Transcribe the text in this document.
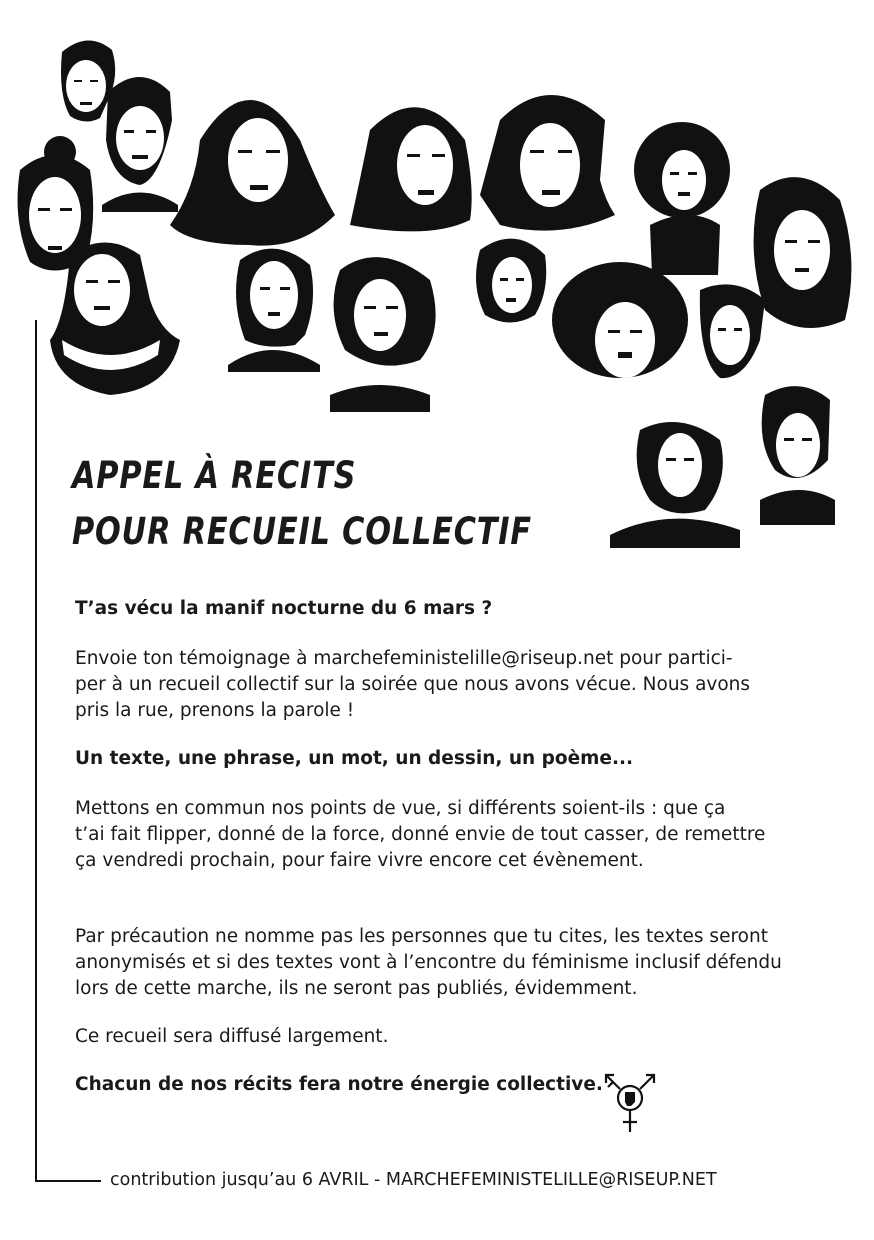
APPEL À RECITS
POUR RECUEIL COLLECTIF

T’as vécu la manif nocturne du 6 mars ?

Envoie ton témoignage à marchefeministelille@riseup.net pour partici-

per à un recueil collectif sur la soirée que nous avons vécue. Nous avons

pris la rue, prenons la parole !

Un texte, une phrase, un mot, un dessin, un poème...

Mettons en commun nos points de vue, si différents soient-ils : que ça

t’ai fait flipper, donné de la force, donné envie de tout casser, de remettre

ça vendredi prochain, pour faire vivre encore cet évènement.

Par précaution ne nomme pas les personnes que tu cites, les textes seront

anonymisés et si des textes vont à l’encontre du féminisme inclusif défendu

lors de cette marche, ils ne seront pas publiés, évidemment.

Ce recueil sera diffusé largement.

Chacun de nos récits fera notre énergie collective.

contribution jusqu’au 6 AVRIL - MARCHEFEMINISTELILLE@RISEUP.NET
